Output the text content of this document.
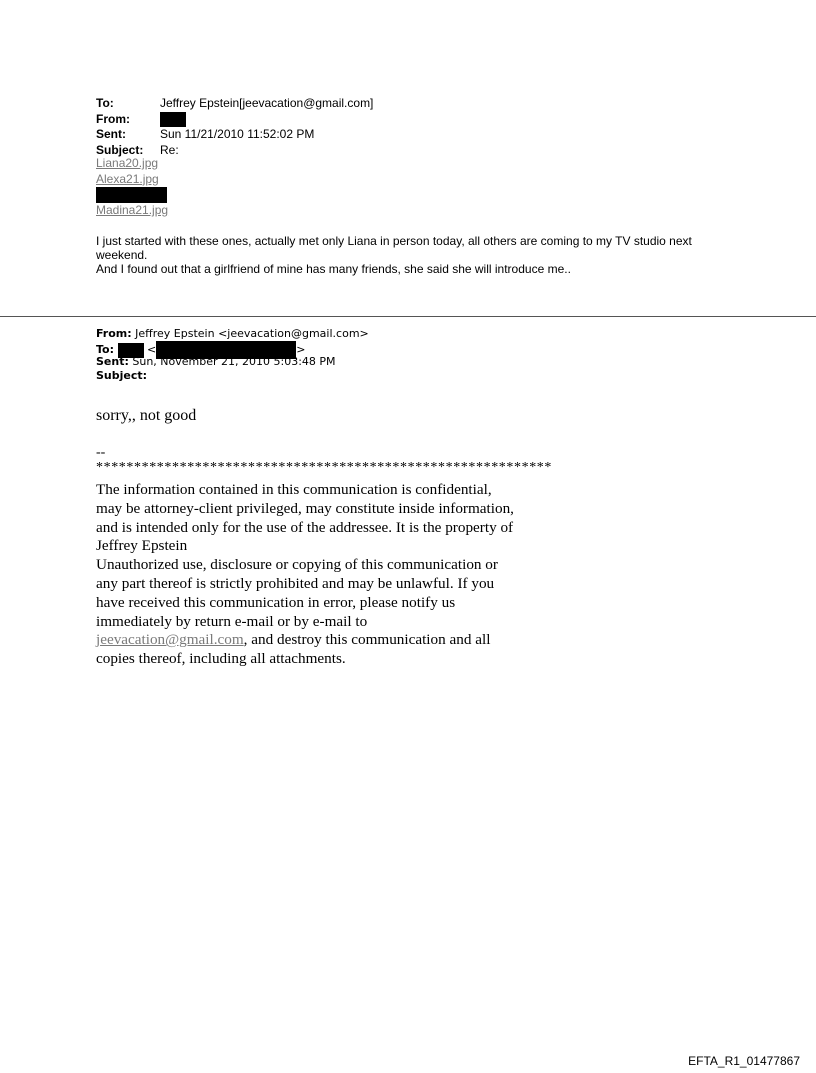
To:	Jeffrey Epstein[jeevacation@gmail.com]
From:
Sent:	Sun 11/21/2010 11:52:02 PM
Subject: Re:
Liana20.jpg
Alexa21.jpg
Madina21.jpg
I just started with these ones, actually met only Liana in person today, all others are coming to my TV studio next weekend.
And I found out that a girlfriend of mine has many friends, she said she will introduce me..
From: Jeffrey Epstein <jeevacation@gmail.com>
To:	<	>
Sent: Sun, November 21, 2010 5:03:48 PM
Subject:
sorry,, not good
--
************************************************************
The information contained in this communication is confidential, may be attorney-client privileged, may constitute inside information, and is intended only for the use of the addressee. It is the property of
Jeffrey Epstein
Unauthorized use, disclosure or copying of this communication or any part thereof is strictly prohibited and may be unlawful. If you have received this communication in error, please notify us immediately by return e-mail or by e-mail to jeevacation@gmail.com, and destroy this communication and all copies thereof, including all attachments.
EFTA_R1_01477867
